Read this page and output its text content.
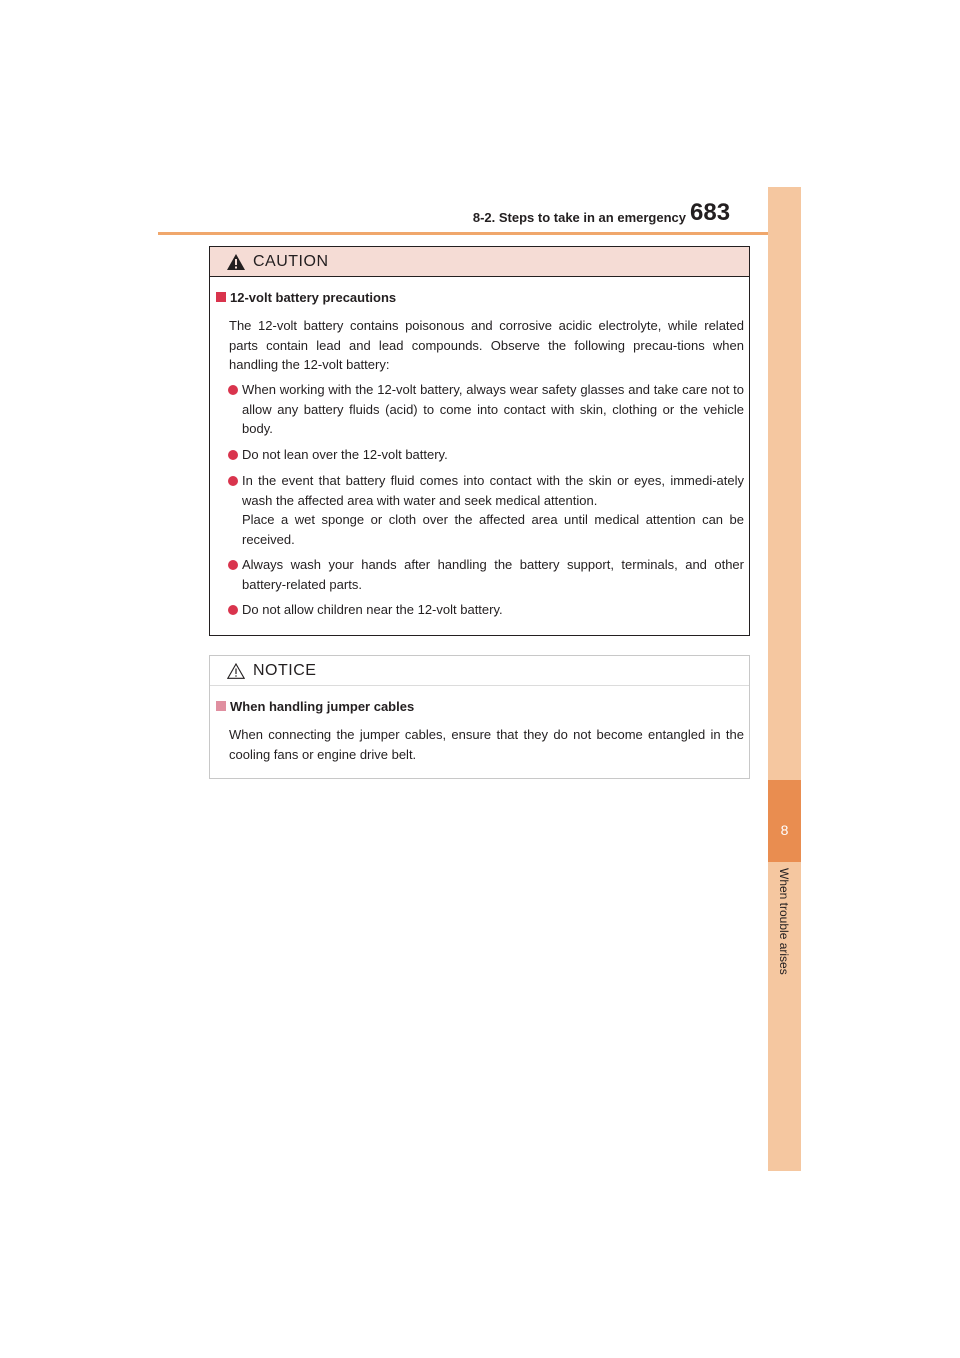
8-2. Steps to take in an emergency 683
8
When trouble arises
CAUTION
12-volt battery precautions
The 12-volt battery contains poisonous and corrosive acidic electrolyte, while related parts contain lead and lead compounds. Observe the following precau-tions when handling the 12-volt battery:
When working with the 12-volt battery, always wear safety glasses and take care not to allow any battery fluids (acid) to come into contact with skin, clothing or the vehicle body.
Do not lean over the 12-volt battery.
In the event that battery fluid comes into contact with the skin or eyes, immedi-ately wash the affected area with water and seek medical attention.
Place a wet sponge or cloth over the affected area until medical attention can be received.
Always wash your hands after handling the battery support, terminals, and other battery-related parts.
Do not allow children near the 12-volt battery.
NOTICE
When handling jumper cables
When connecting the jumper cables, ensure that they do not become entangled in the cooling fans or engine drive belt.
